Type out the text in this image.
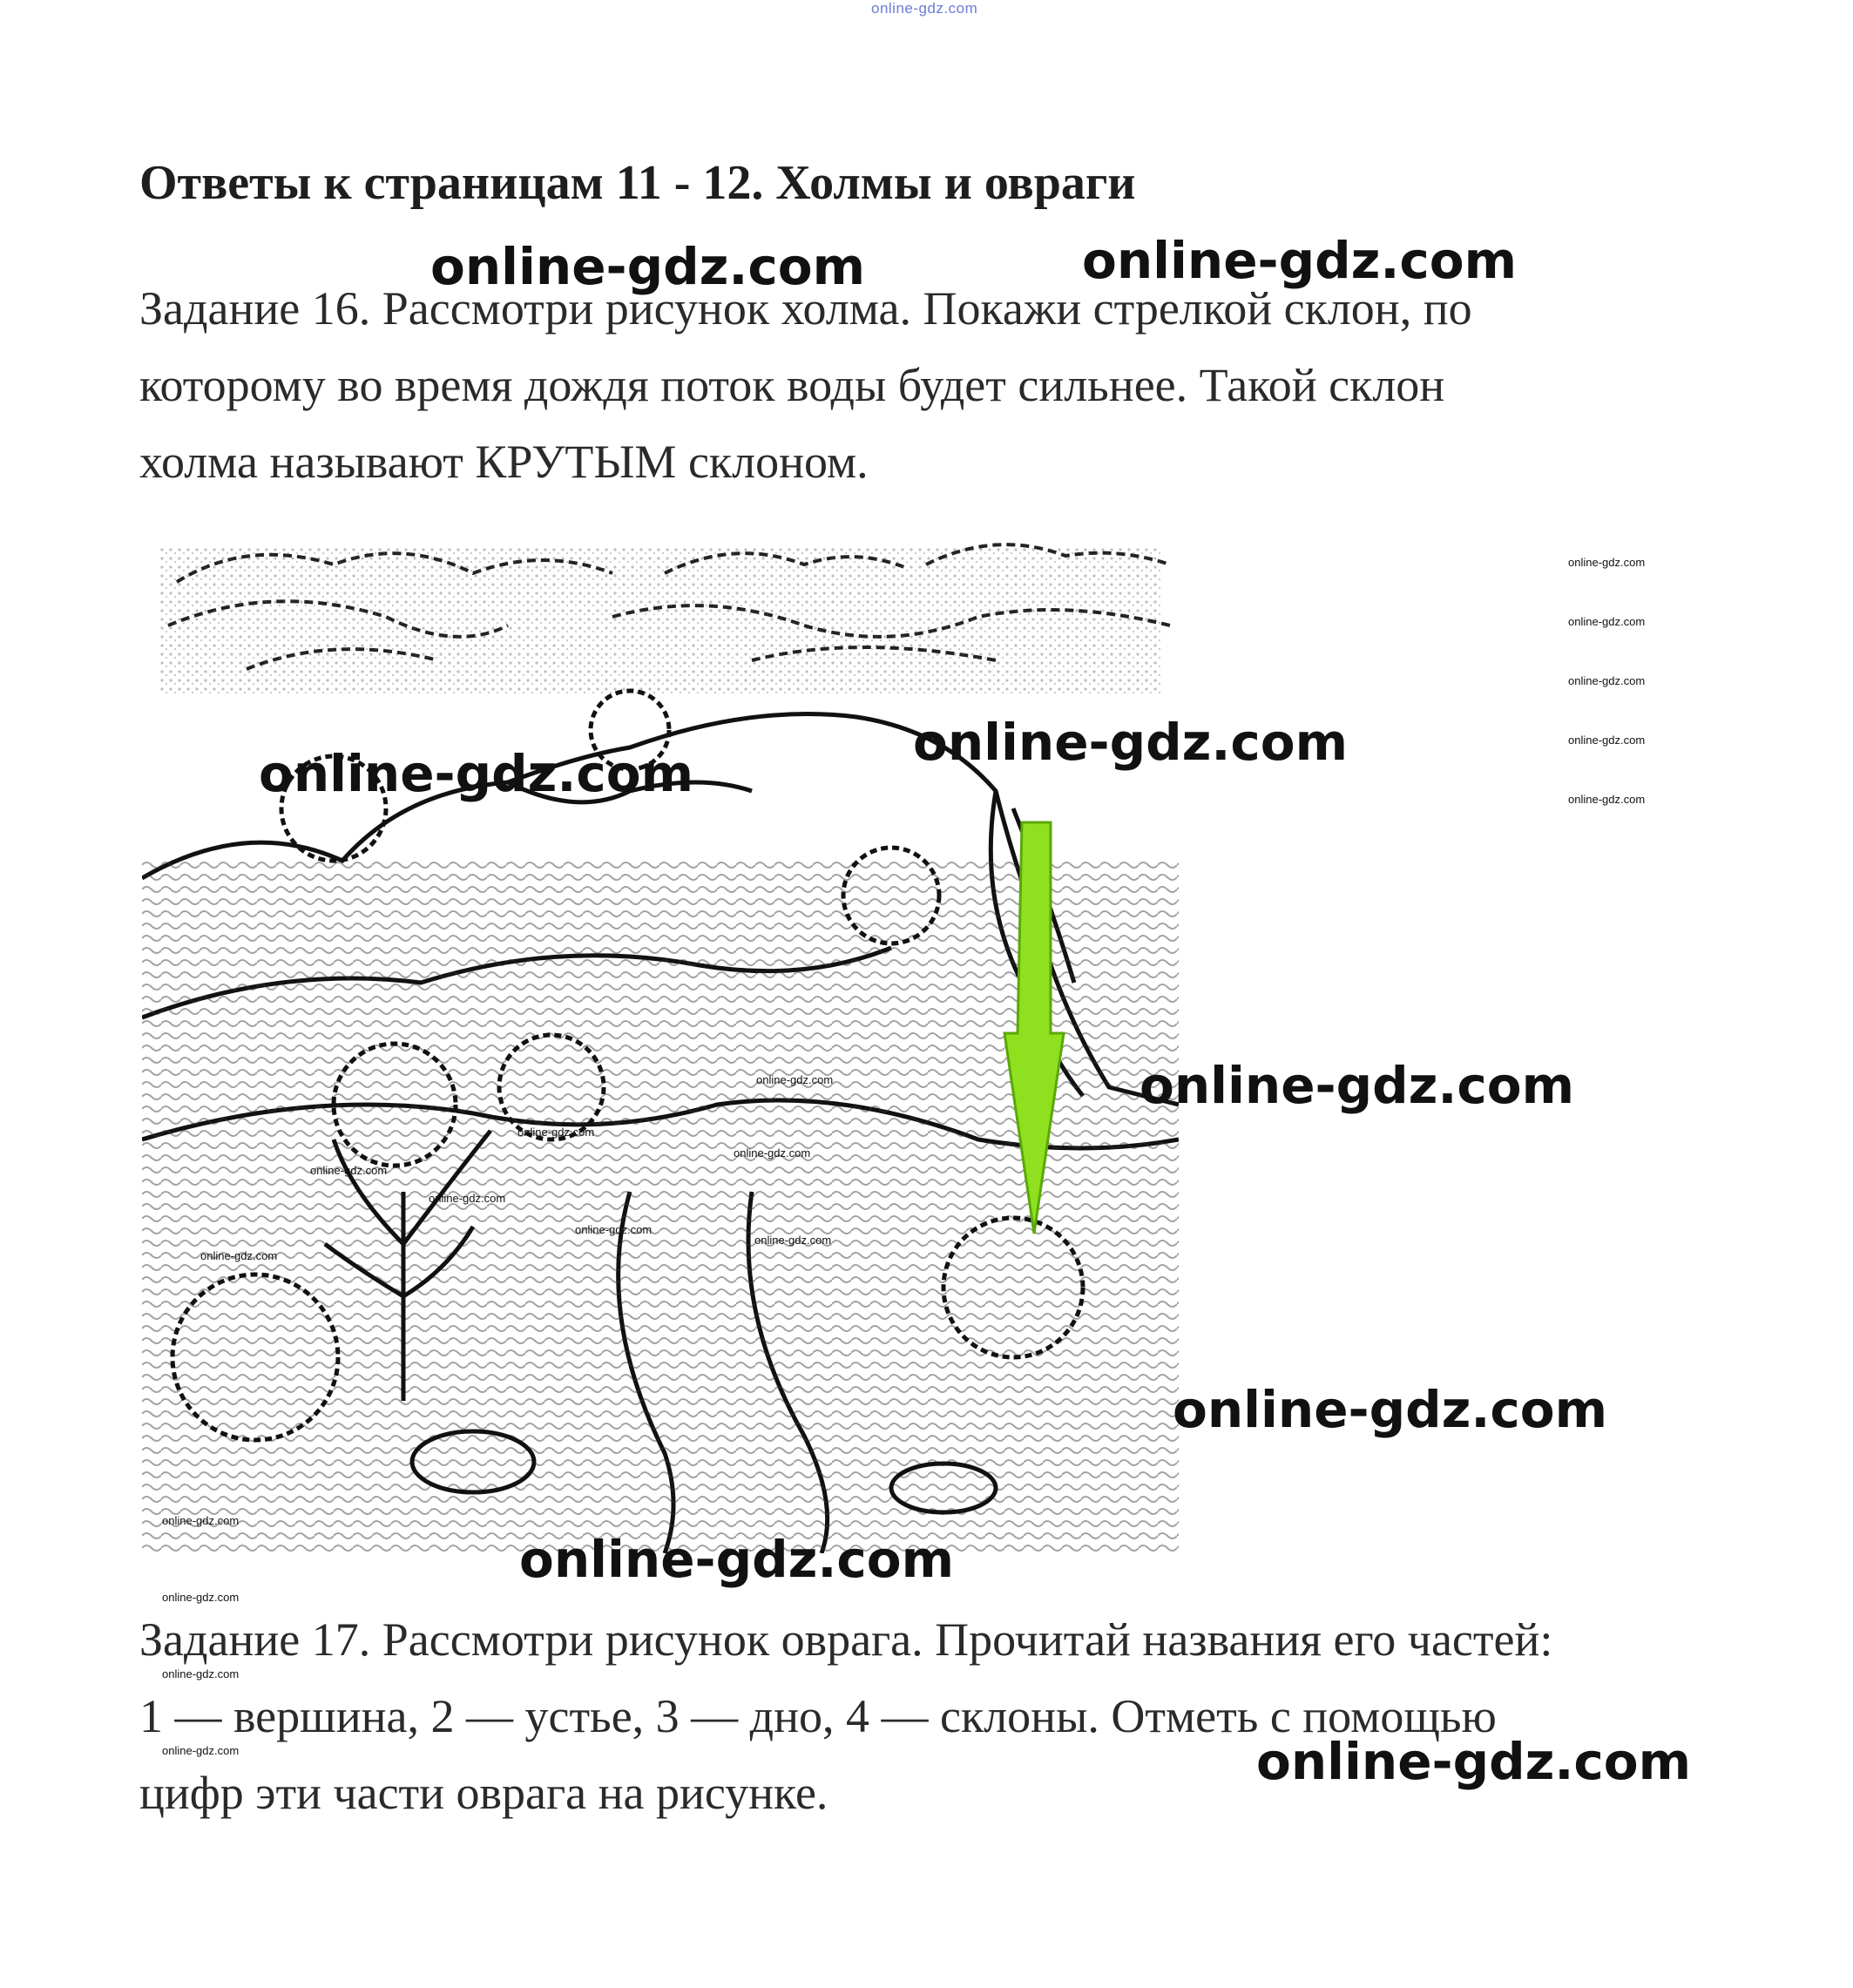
online-gdz.com
Ответы к страницам 11 - 12. Холмы и овраги
Задание 16. Рассмотри рисунок холма. Покажи стрелкой склон, по
которому во время дождя поток воды будет сильнее. Такой склон
холма называют КРУТЫМ склоном.
online-gdz.com	online-gdz.com
online-gdz.com
online-gdz.com
online-gdz.com
online-gdz.com
online-gdz.com
online-gdz.com
online-gdz.com
online-gdz.com
online-gdz.com
online-gdz.com
online-gdz.com
online-gdz.com
online-gdz.com
online-gdz.com
online-gdz.com
online-gdz.com
online-gdz.com
online-gdz.com
online-gdz.com
online-gdz.com
online-gdz.com
online-gdz.com
online-gdz.com
Задание 17. Рассмотри рисунок оврага. Прочитай названия его частей:
1 — вершина, 2 — устье, 3 — дно, 4 — склоны. Отметь с помощью
цифр эти части оврага на рисунке.
